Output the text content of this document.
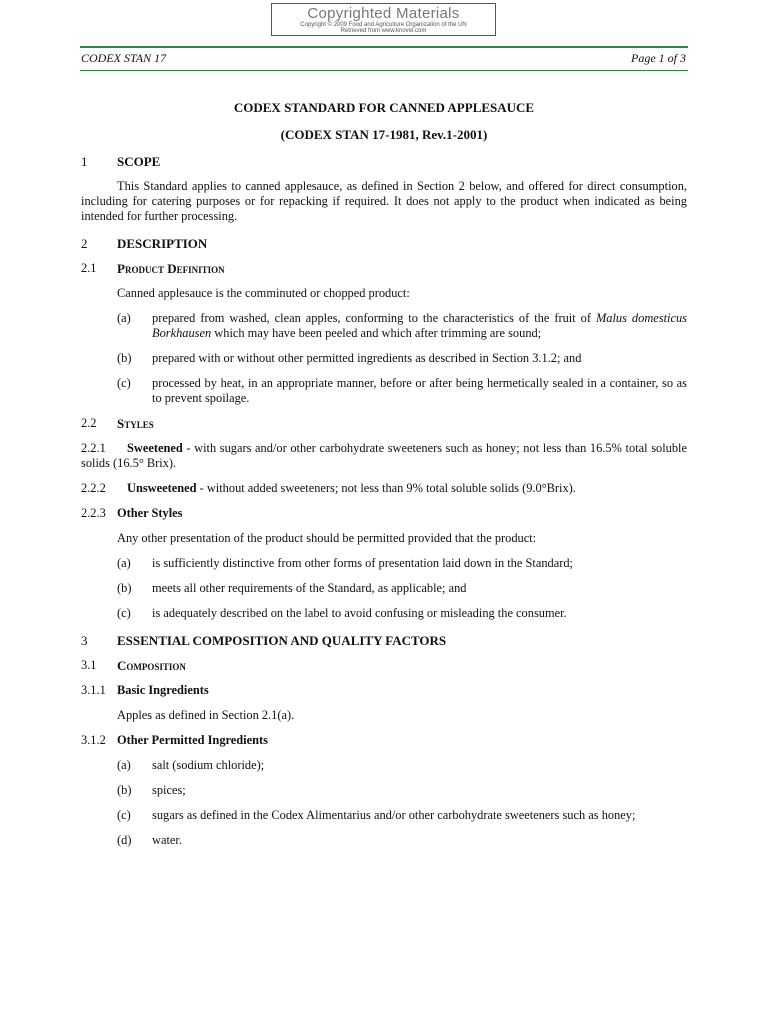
Copyrighted Materials
Copyright © 2009 Food and Agriculture Organization of the UN
Retrieved from www.knovel.com
CODEX STAN 17	Page 1 of 3

CODEX STANDARD FOR CANNED APPLESAUCE

(CODEX STAN 17-1981, Rev.1-2001)

1	SCOPE
This Standard applies to canned applesauce, as defined in Section 2 below, and offered for direct consumption, including for catering purposes or for repacking if required. It does not apply to the product when indicated as being intended for further processing.
2	DESCRIPTION
2.1	Product Definition
Canned applesauce is the comminuted or chopped product:
(a)	prepared from washed, clean apples, conforming to the characteristics of the fruit of Malus domesticus Borkhausen which may have been peeled and which after trimming are sound;
(b)	prepared with or without other permitted ingredients as described in Section 3.1.2; and
(c)	processed by heat, in an appropriate manner, before or after being hermetically sealed in a container, so as to prevent spoilage.
2.2	Styles
2.2.1 Sweetened - with sugars and/or other carbohydrate sweeteners such as honey; not less than 16.5% total soluble solids (16.5° Brix).
2.2.2 Unsweetened - without added sweeteners; not less than 9% total soluble solids (9.0°Brix).
2.2.3 Other Styles
Any other presentation of the product should be permitted provided that the product:
(a)	is sufficiently distinctive from other forms of presentation laid down in the Standard;
(b)	meets all other requirements of the Standard, as applicable; and
(c)	is adequately described on the label to avoid confusing or misleading the consumer.
3	ESSENTIAL COMPOSITION AND QUALITY FACTORS
3.1	Composition
3.1.1 Basic Ingredients
Apples as defined in Section 2.1(a).
3.1.2 Other Permitted Ingredients
(a)	salt (sodium chloride);
(b)	spices;
(c)	sugars as defined in the Codex Alimentarius and/or other carbohydrate sweeteners such as honey;
(d)	water.
